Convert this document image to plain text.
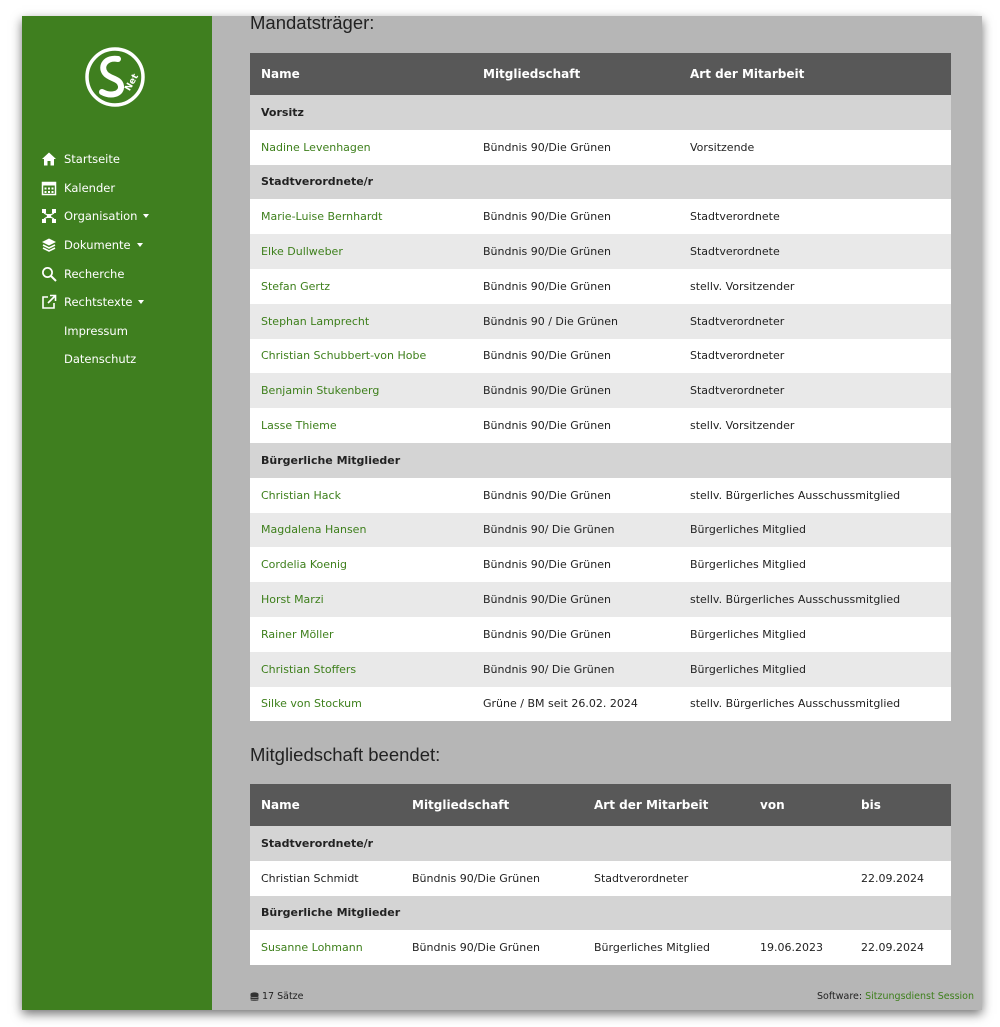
Net
Startseite
Kalender
Organisation
Dokumente
Recherche
Rechtstexte
Impressum
Datenschutz
Mandatsträger:
Name	Mitgliedschaft	Art der Mitarbeit
Vorsitz		
Nadine Levenhagen	Bündnis 90/Die Grünen	Vorsitzende
Stadtverordnete/r		
Marie-Luise Bernhardt	Bündnis 90/Die Grünen	Stadtverordnete
Elke Dullweber	Bündnis 90/Die Grünen	Stadtverordnete
Stefan Gertz	Bündnis 90/Die Grünen	stellv. Vorsitzender
Stephan Lamprecht	Bündnis 90 / Die Grünen	Stadtverordneter
Christian Schubbert-von Hobe	Bündnis 90/Die Grünen	Stadtverordneter
Benjamin Stukenberg	Bündnis 90/Die Grünen	Stadtverordneter
Lasse Thieme	Bündnis 90/Die Grünen	stellv. Vorsitzender
Bürgerliche Mitglieder		
Christian Hack	Bündnis 90/Die Grünen	stellv. Bürgerliches Ausschussmitglied
Magdalena Hansen	Bündnis 90/ Die Grünen	Bürgerliches Mitglied
Cordelia Koenig	Bündnis 90/Die Grünen	Bürgerliches Mitglied
Horst Marzi	Bündnis 90/Die Grünen	stellv. Bürgerliches Ausschussmitglied
Rainer Möller	Bündnis 90/Die Grünen	Bürgerliches Mitglied
Christian Stoffers	Bündnis 90/ Die Grünen	Bürgerliches Mitglied
Silke von Stockum	Grüne / BM seit 26.02. 2024	stellv. Bürgerliches Ausschussmitglied
Mitgliedschaft beendet:
Name	Mitgliedschaft	Art der Mitarbeit	von	bis
Stadtverordnete/r				
Christian Schmidt	Bündnis 90/Die Grünen	Stadtverordneter		22.09.2024
Bürgerliche Mitglieder				
Susanne Lohmann	Bündnis 90/Die Grünen	Bürgerliches Mitglied	19.06.2023	22.09.2024
17 Sätze	Software: Sitzungsdienst Session
